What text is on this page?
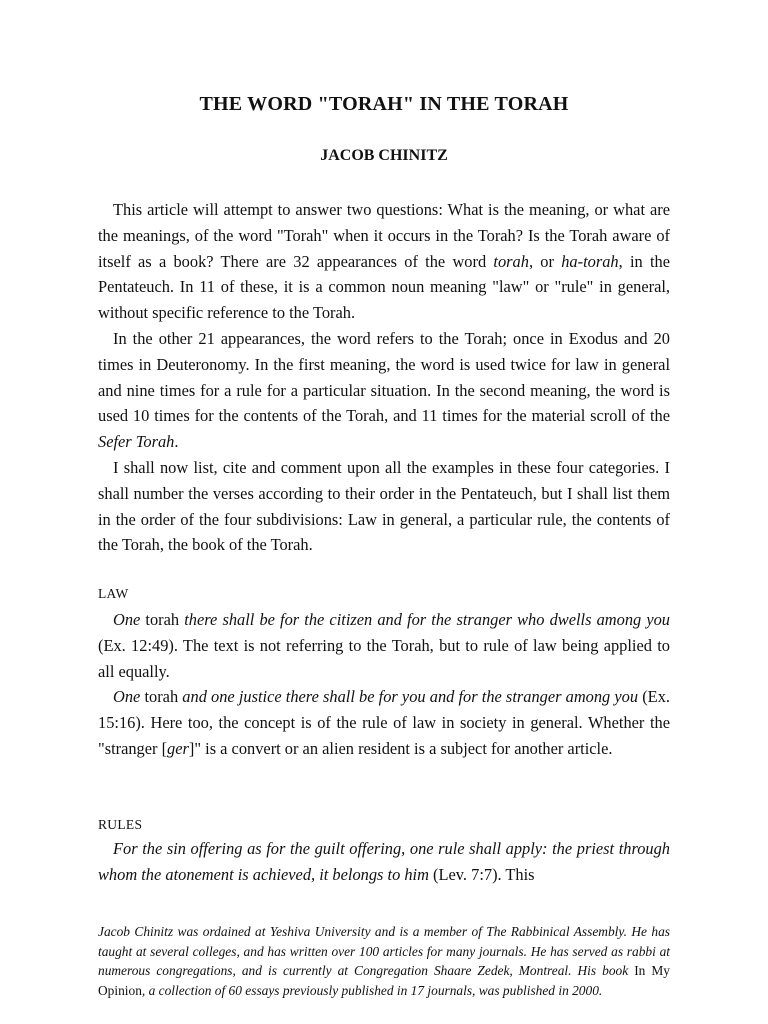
THE WORD "TORAH" IN THE TORAH
JACOB CHINITZ

This article will attempt to answer two questions: What is the meaning, or what are the meanings, of the word "Torah" when it occurs in the Torah? Is the Torah aware of itself as a book? There are 32 appearances of the word torah, or ha-torah, in the Pentateuch. In 11 of these, it is a common noun meaning "law" or "rule" in general, without specific reference to the Torah.

In the other 21 appearances, the word refers to the Torah; once in Exodus and 20 times in Deuteronomy. In the first meaning, the word is used twice for law in general and nine times for a rule for a particular situation. In the second meaning, the word is used 10 times for the contents of the Torah, and 11 times for the material scroll of the Sefer Torah.

I shall now list, cite and comment upon all the examples in these four categories. I shall number the verses according to their order in the Pentateuch, but I shall list them in the order of the four subdivisions: Law in general, a particular rule, the contents of the Torah, the book of the Torah.

LAW

One torah there shall be for the citizen and for the stranger who dwells among you (Ex. 12:49). The text is not referring to the Torah, but to rule of law being applied to all equally.

One torah and one justice there shall be for you and for the stranger among you (Ex. 15:16). Here too, the concept is of the rule of law in society in general. Whether the "stranger [ger]" is a convert or an alien resident is a subject for another article.

RULES

For the sin offering as for the guilt offering, one rule shall apply: the priest through whom the atonement is achieved, it belongs to him (Lev. 7:7). This

Jacob Chinitz was ordained at Yeshiva University and is a member of The Rabbinical Assembly. He has taught at several colleges, and has written over 100 articles for many journals. He has served as rabbi at numerous congregations, and is currently at Congregation Shaare Zedek, Montreal. His book In My Opinion, a collection of 60 essays previously published in 17 journals, was published in 2000.
